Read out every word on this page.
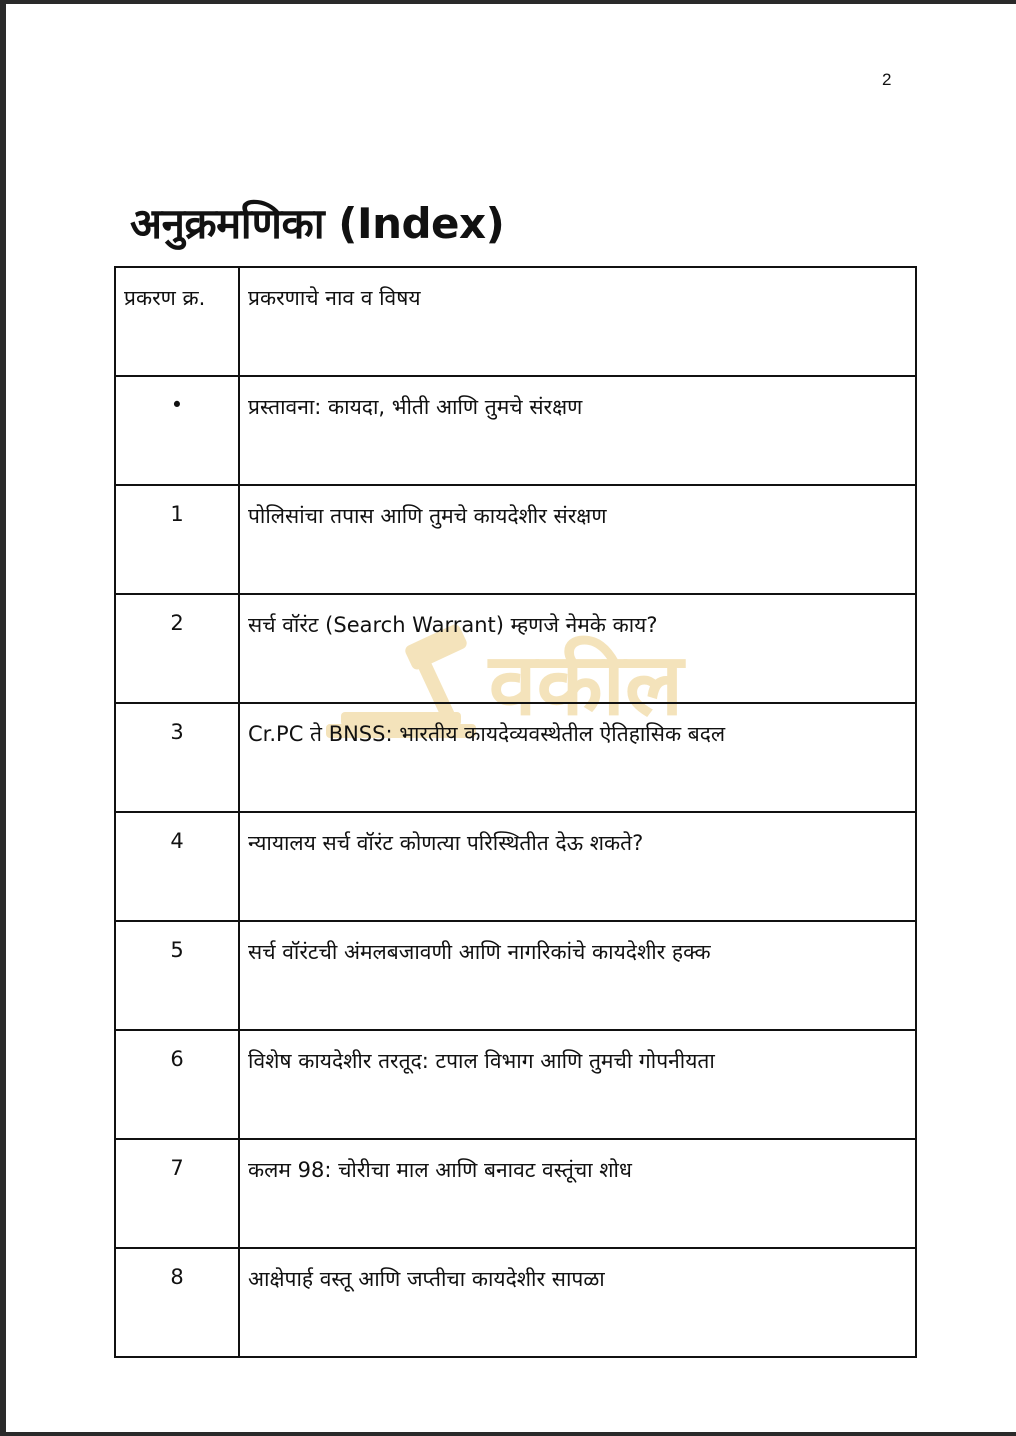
2
अनुक्रमणिका (Index)
वकील
प्रकरण क्र.	प्रकरणाचे नाव व विषय
•	प्रस्तावना: कायदा, भीती आणि तुमचे संरक्षण
1	पोलिसांचा तपास आणि तुमचे कायदेशीर संरक्षण
2	सर्च वॉरंट (Search Warrant) म्हणजे नेमके काय?
3	Cr.PC ते BNSS: भारतीय कायदेव्यवस्थेतील ऐतिहासिक बदल
4	न्यायालय सर्च वॉरंट कोणत्या परिस्थितीत देऊ शकते?
5	सर्च वॉरंटची अंमलबजावणी आणि नागरिकांचे कायदेशीर हक्क
6	विशेष कायदेशीर तरतूद: टपाल विभाग आणि तुमची गोपनीयता
7	कलम 98: चोरीचा माल आणि बनावट वस्तूंचा शोध
8	आक्षेपार्ह वस्तू आणि जप्तीचा कायदेशीर सापळा
